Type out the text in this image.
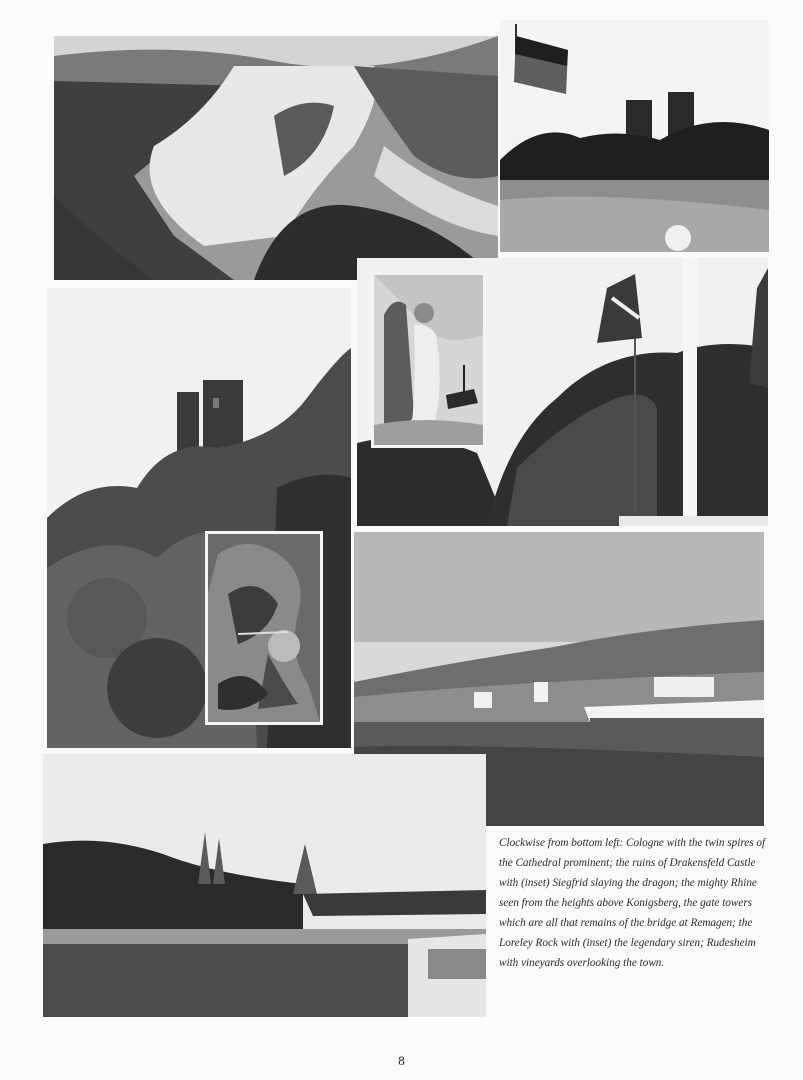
Clockwise from bottom left: Cologne with the twin spires of the Cathedral prominent; the ruins of Drakensfeld Castle with (inset) Siegfrid slaying the dragon; the mighty Rhine seen from the heights above Konigsberg, the gate towers which are all that remains of the bridge at Remagen; the Loreley Rock with (inset) the legendary siren; Rudesheim with vineyards overlooking the town.
8
